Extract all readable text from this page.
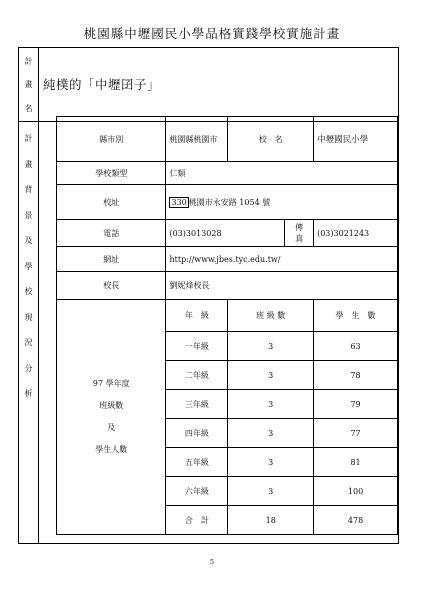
桃園縣中壢國民小學品格實踐學校實施計畫
計
畫
名
純樸的「中壢囝子」
計
畫
背
景
及
學
校
現
況
分
析
縣市別	桃園縣桃園市	校　名		中壢國民小學
學校類型	仁類			
校址	330 桃園市永安路 1054 號			
電話	(03)3013028		傳　真	(03)3021243
網址	http://www.jbes.tyc.edu.tw/			
校長	劉妮烽校長			

97 學年度
班級數
及
學生人數	年　級	班 級 數		學　生　數
	一年級	3		63
	二年級	3		78
	三年級	3		79
	四年級	3		77
	五年級	3		81
	六年級	3		100
	合　計	18		478
5
